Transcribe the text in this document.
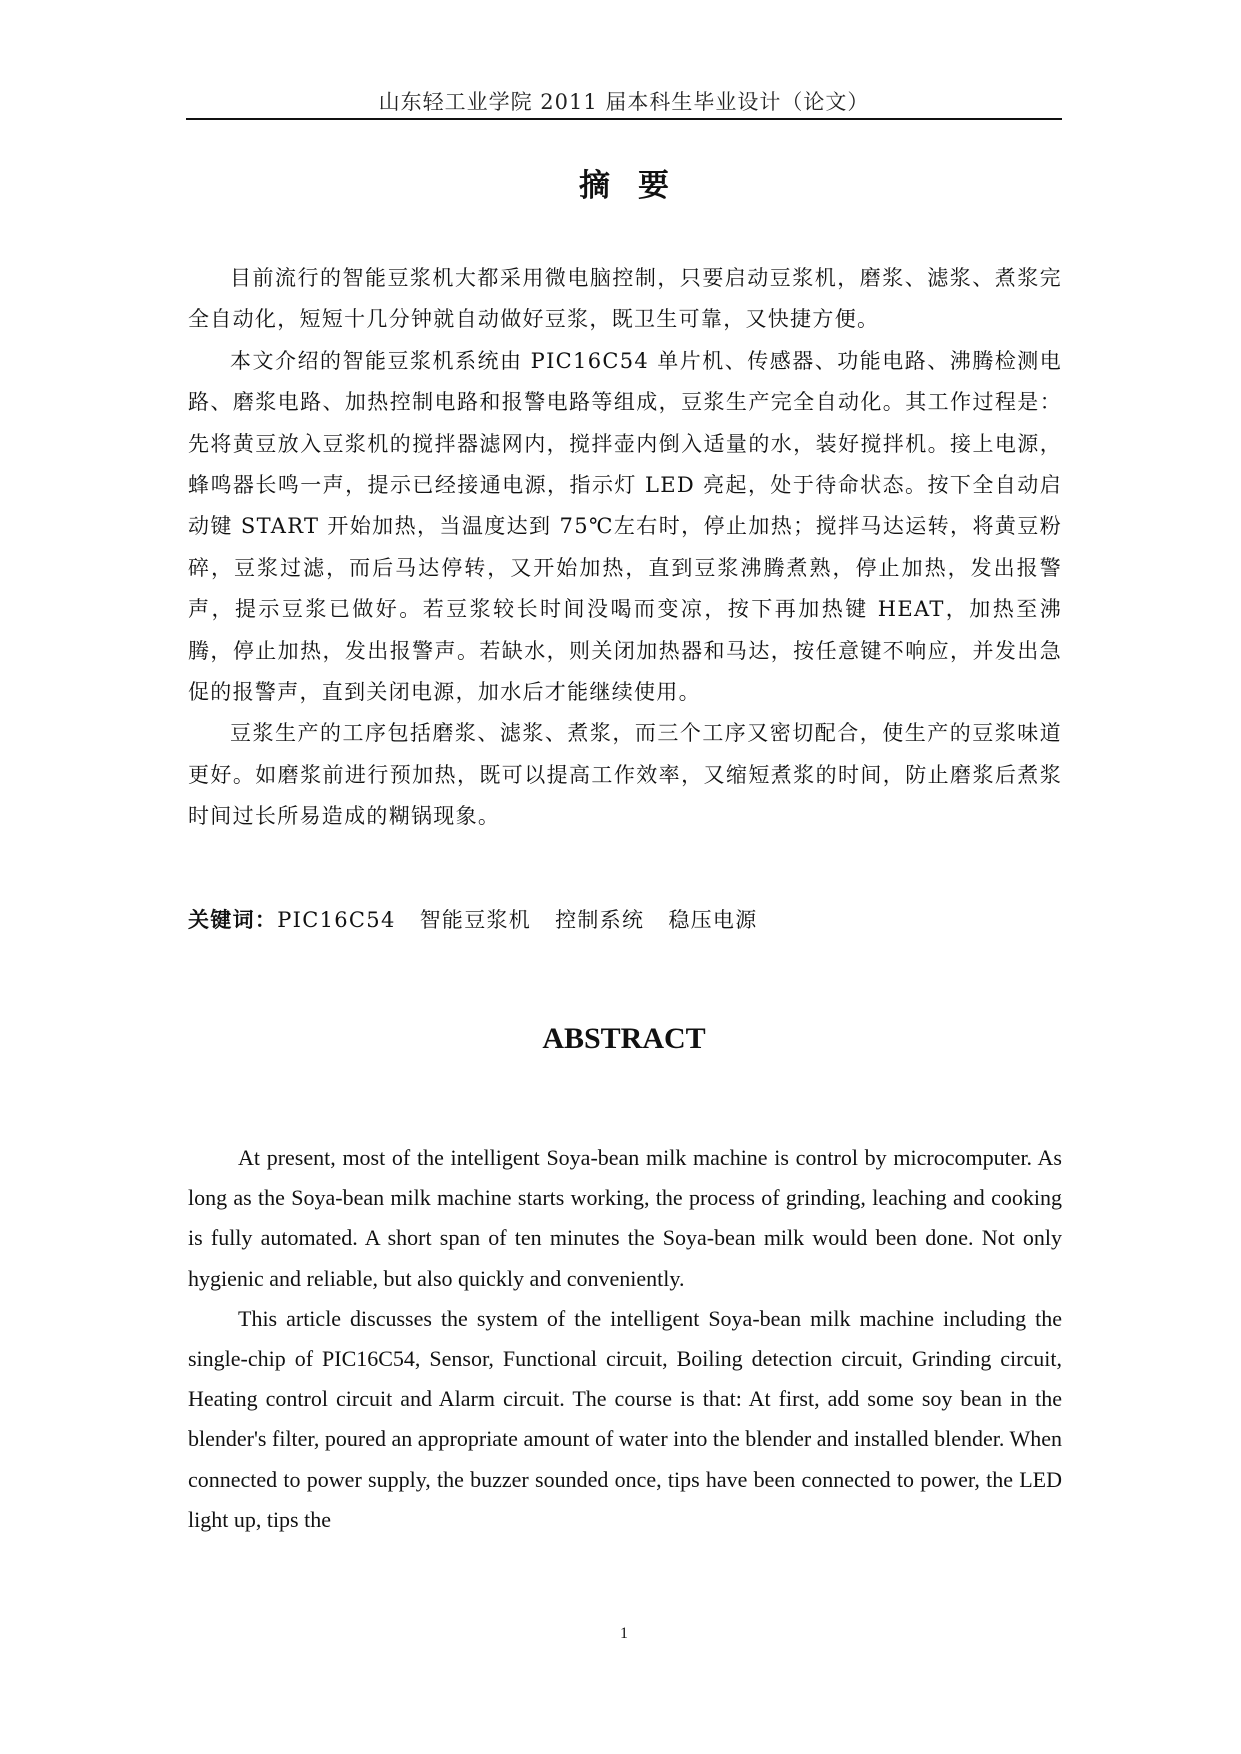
山东轻工业学院 2011 届本科生毕业设计（论文）
摘要

目前流行的智能豆浆机大都采用微电脑控制，只要启动豆浆机，磨浆、滤浆、煮浆完全自动化，短短十几分钟就自动做好豆浆，既卫生可靠，又快捷方便。

本文介绍的智能豆浆机系统由 PIC16C54 单片机、传感器、功能电路、沸腾检测电路、磨浆电路、加热控制电路和报警电路等组成，豆浆生产完全自动化。其工作过程是：先将黄豆放入豆浆机的搅拌器滤网内，搅拌壶内倒入适量的水，装好搅拌机。接上电源，蜂鸣器长鸣一声，提示已经接通电源，指示灯 LED 亮起，处于待命状态。按下全自动启动键 START 开始加热，当温度达到 75℃左右时，停止加热；搅拌马达运转，将黄豆粉碎，豆浆过滤，而后马达停转，又开始加热，直到豆浆沸腾煮熟，停止加热，发出报警声，提示豆浆已做好。若豆浆较长时间没喝而变凉，按下再加热键 HEAT，加热至沸腾，停止加热，发出报警声。若缺水，则关闭加热器和马达，按任意键不响应，并发出急促的报警声，直到关闭电源，加水后才能继续使用。

豆浆生产的工序包括磨浆、滤浆、煮浆，而三个工序又密切配合，使生产的豆浆味道更好。如磨浆前进行预加热，既可以提高工作效率，又缩短煮浆的时间，防止磨浆后煮浆时间过长所易造成的糊锅现象。

关键词：PIC16C54 智能豆浆机 控制系统 稳压电源
ABSTRACT

At present, most of the intelligent Soya-bean milk machine is control by microcomputer. As long as the Soya-bean milk machine starts working, the process of grinding, leaching and cooking is fully automated. A short span of ten minutes the Soya-bean milk would been done. Not only hygienic and reliable, but also quickly and conveniently.

This article discusses the system of the intelligent Soya-bean milk machine including the single-chip of PIC16C54, Sensor, Functional circuit, Boiling detection circuit, Grinding circuit, Heating control circuit and Alarm circuit. The course is that: At first, add some soy bean in the blender's filter, poured an appropriate amount of water into the blender and installed blender. When connected to power supply, the buzzer sounded once, tips have been connected to power, the LED light up, tips the

1
